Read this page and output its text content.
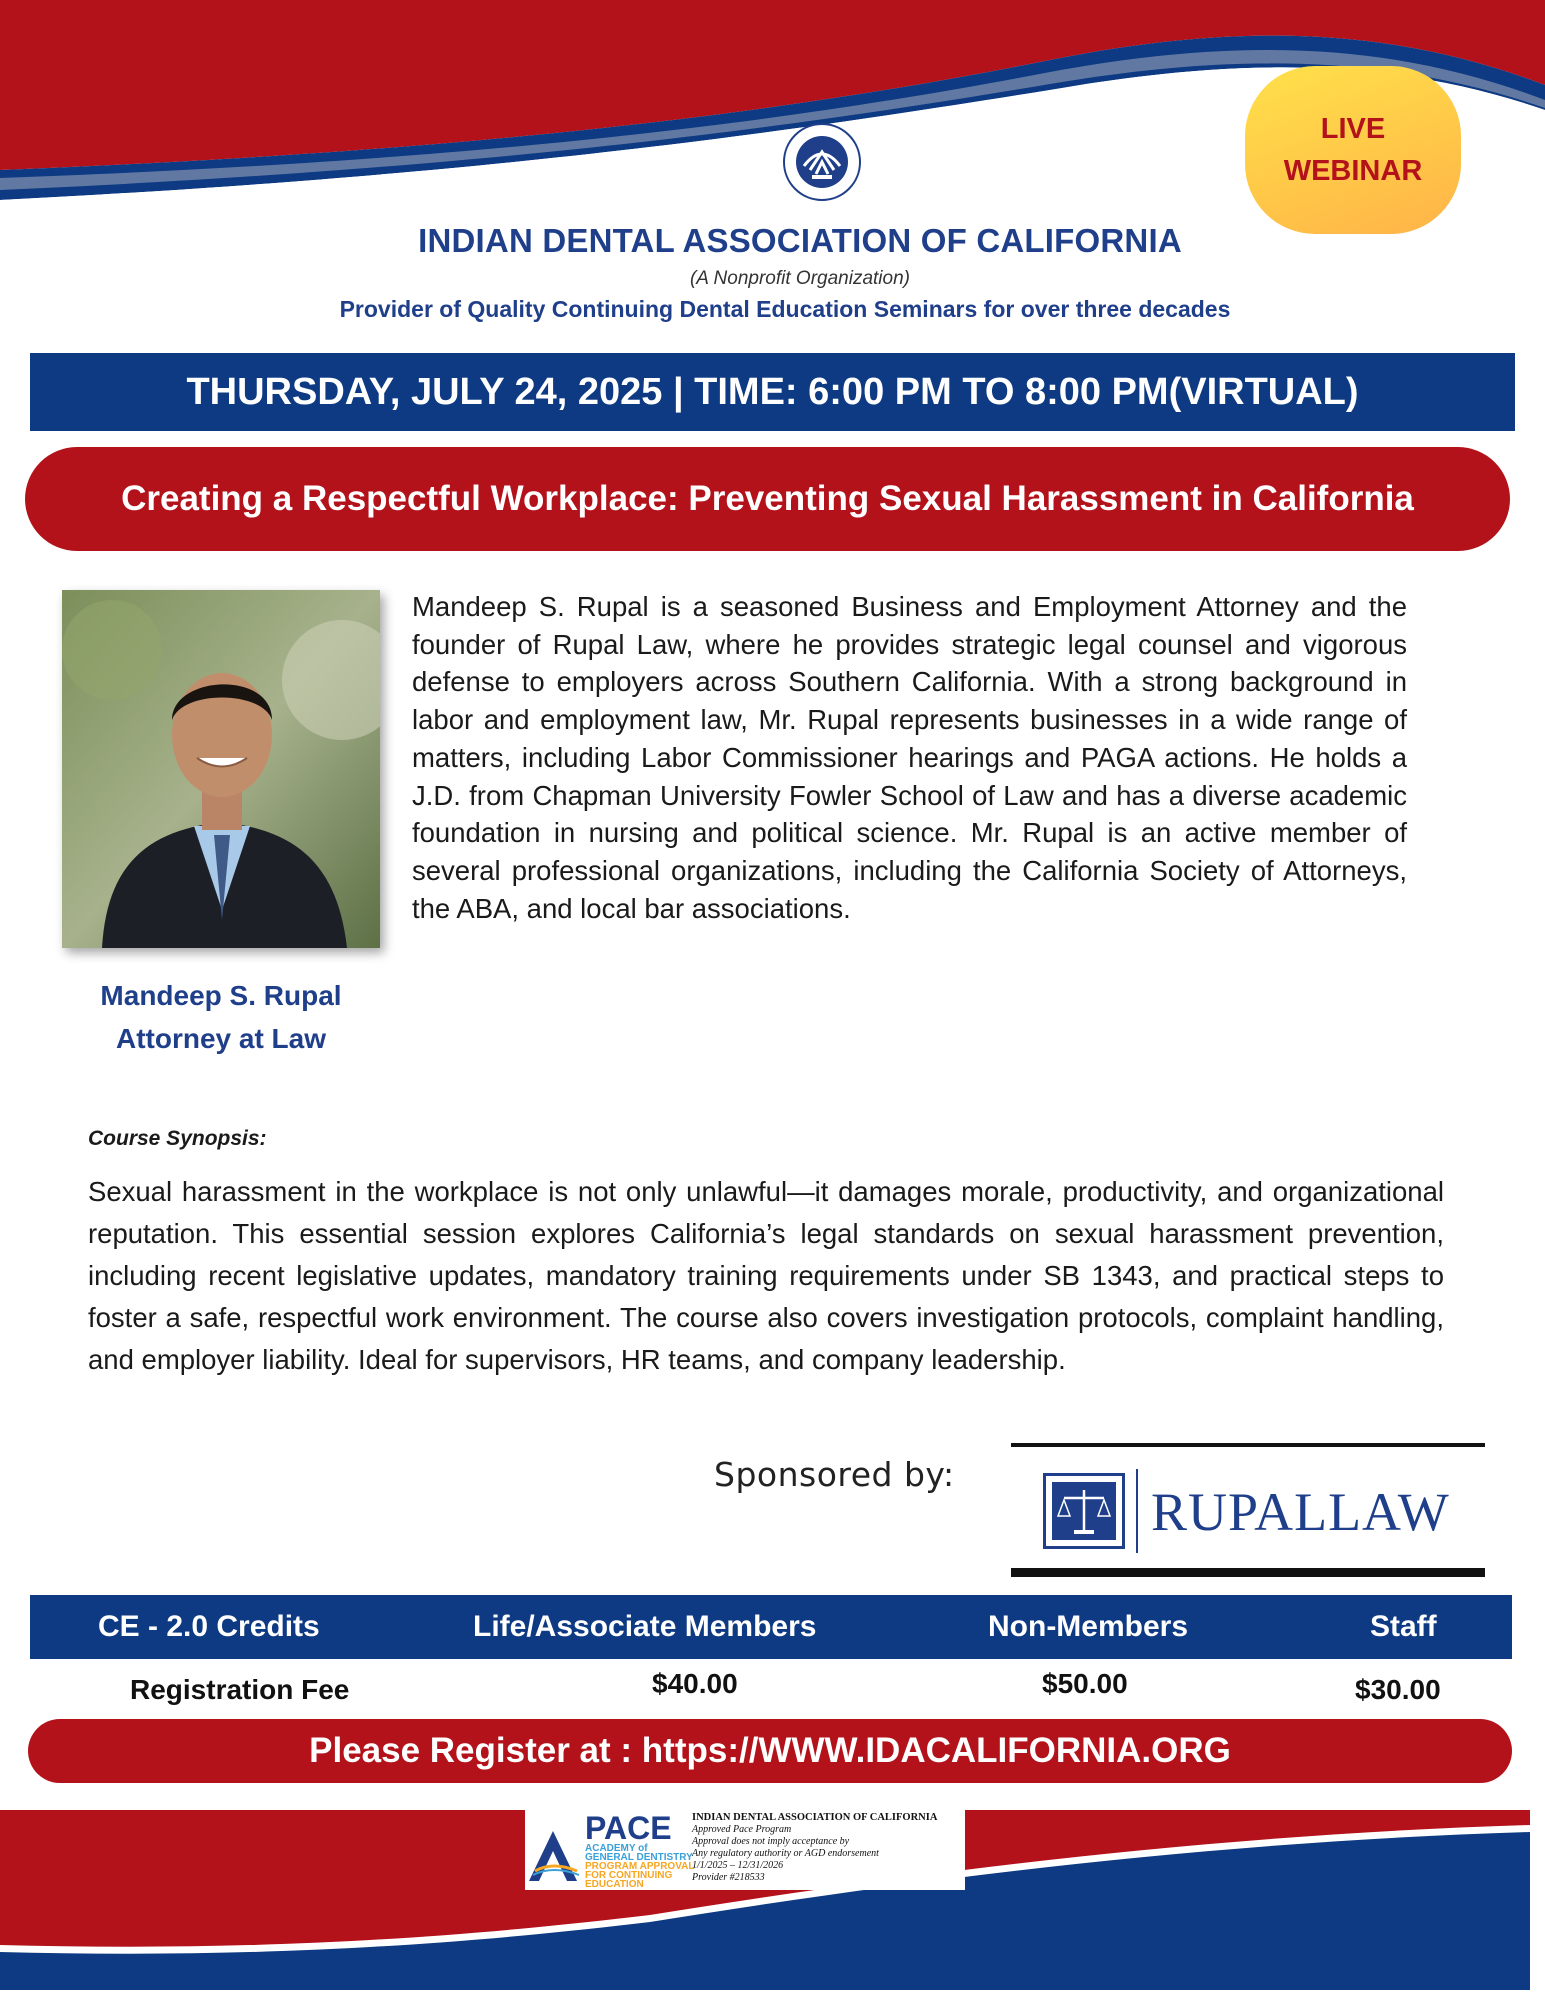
LIVE
WEBINAR
INDIAN DENTAL ASSOCIATION OF CALIFORNIA
(A Nonprofit Organization)
Provider of Quality Continuing Dental Education Seminars for over three decades
THURSDAY, JULY 24, 2025 | TIME: 6:00 PM TO 8:00 PM(VIRTUAL)
Creating a Respectful Workplace: Preventing Sexual Harassment in California
Mandeep S. Rupal
Attorney at Law
Mandeep S. Rupal is a seasoned Business and Employment Attorney and the founder of Rupal Law, where he provides strategic legal counsel and vigorous defense to employers across Southern California. With a strong background in labor and employment law, Mr. Rupal represents businesses in a wide range of matters, including Labor Commissioner hearings and PAGA actions. He holds a J.D. from Chapman University Fowler School of Law and has a diverse academic foundation in nursing and political science. Mr. Rupal is an active member of several professional organizations, including the California Society of Attorneys, the ABA, and local bar associations.
Course Synopsis:
Sexual harassment in the workplace is not only unlawful—it damages morale, productivity, and organizational reputation. This essential session explores California’s legal standards on sexual harassment prevention, including recent legislative updates, mandatory training requirements under SB 1343, and practical steps to foster a safe, respectful work environment. The course also covers investigation protocols, complaint handling, and employer liability. Ideal for supervisors, HR teams, and company leadership.
Sponsored by:
RUPALLAW
CE - 2.0 Credits	Life/Associate Members	Non-Members	Staff
Registration Fee	$40.00	$50.00	$30.00
Please Register at : https://WWW.IDACALIFORNIA.ORG
PACE
ACADEMY of
GENERAL DENTISTRY
PROGRAM APPROVAL
FOR CONTINUING
EDUCATION
INDIAN DENTAL ASSOCIATION OF CALIFORNIA
Approved Pace Program
Approval does not imply acceptance by
Any regulatory authority or AGD endorsement
1/1/2025 – 12/31/2026
Provider #218533
